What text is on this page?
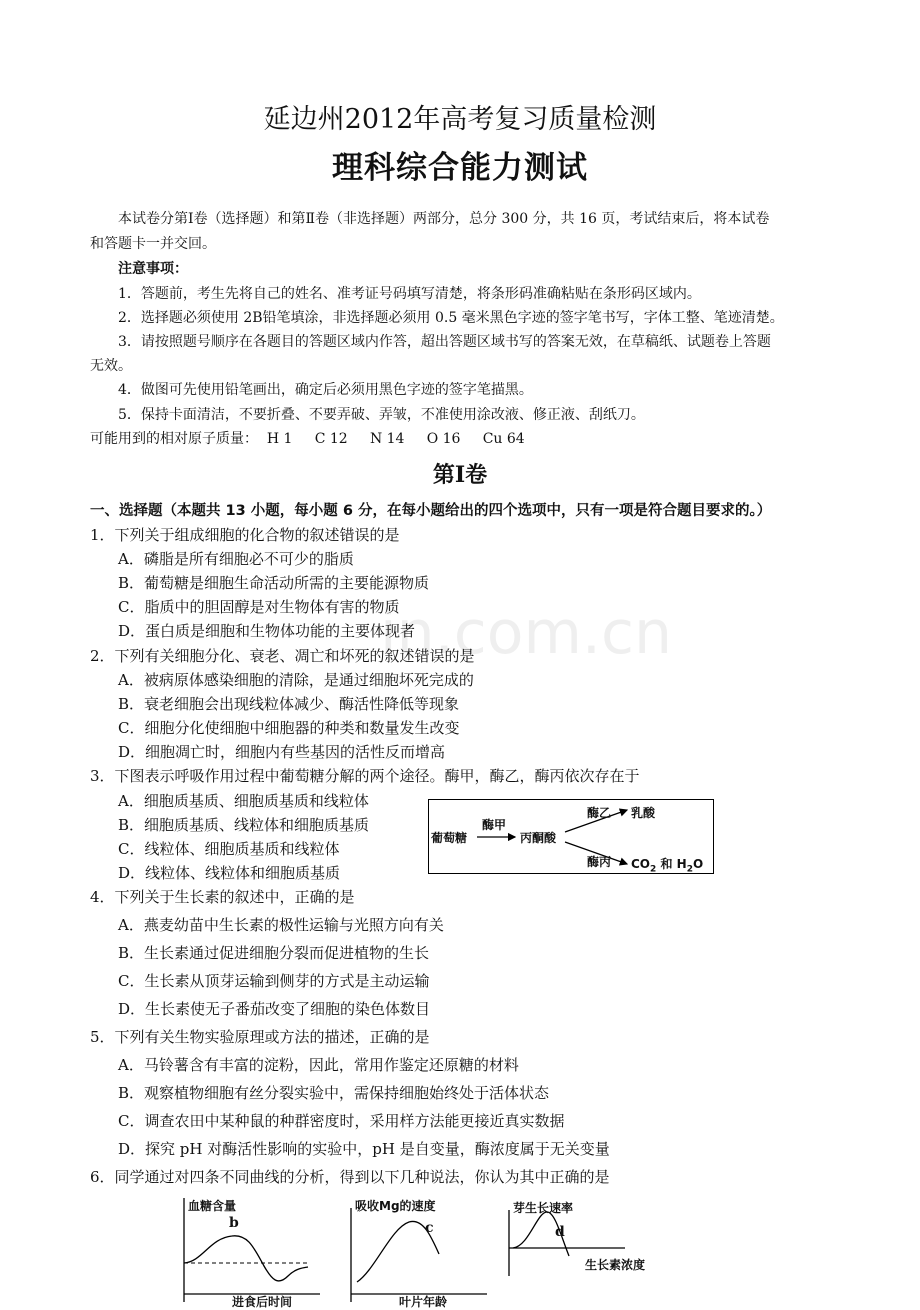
in.com.cn
延边州2012年高考复习质量检测
理科综合能力测试
本试卷分第Ⅰ卷（选择题）和第Ⅱ卷（非选择题）两部分，总分 300 分，共 16 页，考试结束后，将本试卷
和答题卡一并交回。
注意事项：
1．答题前，考生先将自己的姓名、准考证号码填写清楚，将条形码准确粘贴在条形码区域内。
2．选择题必须使用 2B铅笔填涂，非选择题必须用 0.5 毫米黑色字迹的签字笔书写，字体工整、笔迹清楚。
3．请按照题号顺序在各题目的答题区域内作答，超出答题区域书写的答案无效，在草稿纸、试题卷上答题
无效。
4．做图可先使用铅笔画出，确定后必须用黑色字迹的签字笔描黑。
5．保持卡面清洁，不要折叠、不要弄破、弄皱，不准使用涂改液、修正液、刮纸刀。
可能用到的相对原子质量：  H 1     C 12     N 14     O 16     Cu 64
第Ⅰ卷
一、选择题（本题共 13 小题，每小题 6 分，在每小题给出的四个选项中，只有一项是符合题目要求的。）
1．下列关于组成细胞的化合物的叙述错误的是
A．磷脂是所有细胞必不可少的脂质
B．葡萄糖是细胞生命活动所需的主要能源物质
C．脂质中的胆固醇是对生物体有害的物质
D．蛋白质是细胞和生物体功能的主要体现者
2．下列有关细胞分化、衰老、凋亡和坏死的叙述错误的是
A．被病原体感染细胞的清除，是通过细胞坏死完成的
B．衰老细胞会出现线粒体减少、酶活性降低等现象
C．细胞分化使细胞中细胞器的种类和数量发生改变
D．细胞凋亡时，细胞内有些基因的活性反而增高
3．下图表示呼吸作用过程中葡萄糖分解的两个途径。酶甲，酶乙，酶丙依次存在于
A．细胞质基质、细胞质基质和线粒体
B．细胞质基质、线粒体和细胞质基质
C．线粒体、细胞质基质和线粒体
D．线粒体、线粒体和细胞质基质
葡萄糖
酶甲
丙酮酸
酶乙 乳酸
酶丙 $CO_2$ 和 $H_2O$
4．下列关于生长素的叙述中，正确的是
A．燕麦幼苗中生长素的极性运输与光照方向有关
B．生长素通过促进细胞分裂而促进植物的生长
C．生长素从顶芽运输到侧芽的方式是主动运输
D．生长素使无子番茄改变了细胞的染色体数目
5．下列有关生物实验原理或方法的描述，正确的是
A．马铃薯含有丰富的淀粉，因此，常用作鉴定还原糖的材料
B．观察植物细胞有丝分裂实验中，需保持细胞始终处于活体状态
C．调查农田中某种鼠的种群密度时，采用样方法能更接近真实数据
D．探究 pH 对酶活性影响的实验中，pH 是自变量，酶浓度属于无关变量
6．同学通过对四条不同曲线的分析，得到以下几种说法，你认为其中正确的是
血糖含量
b
进食后时间
吸收Mg的速度
c
叶片年龄
芽生长速率
d
生长素浓度
